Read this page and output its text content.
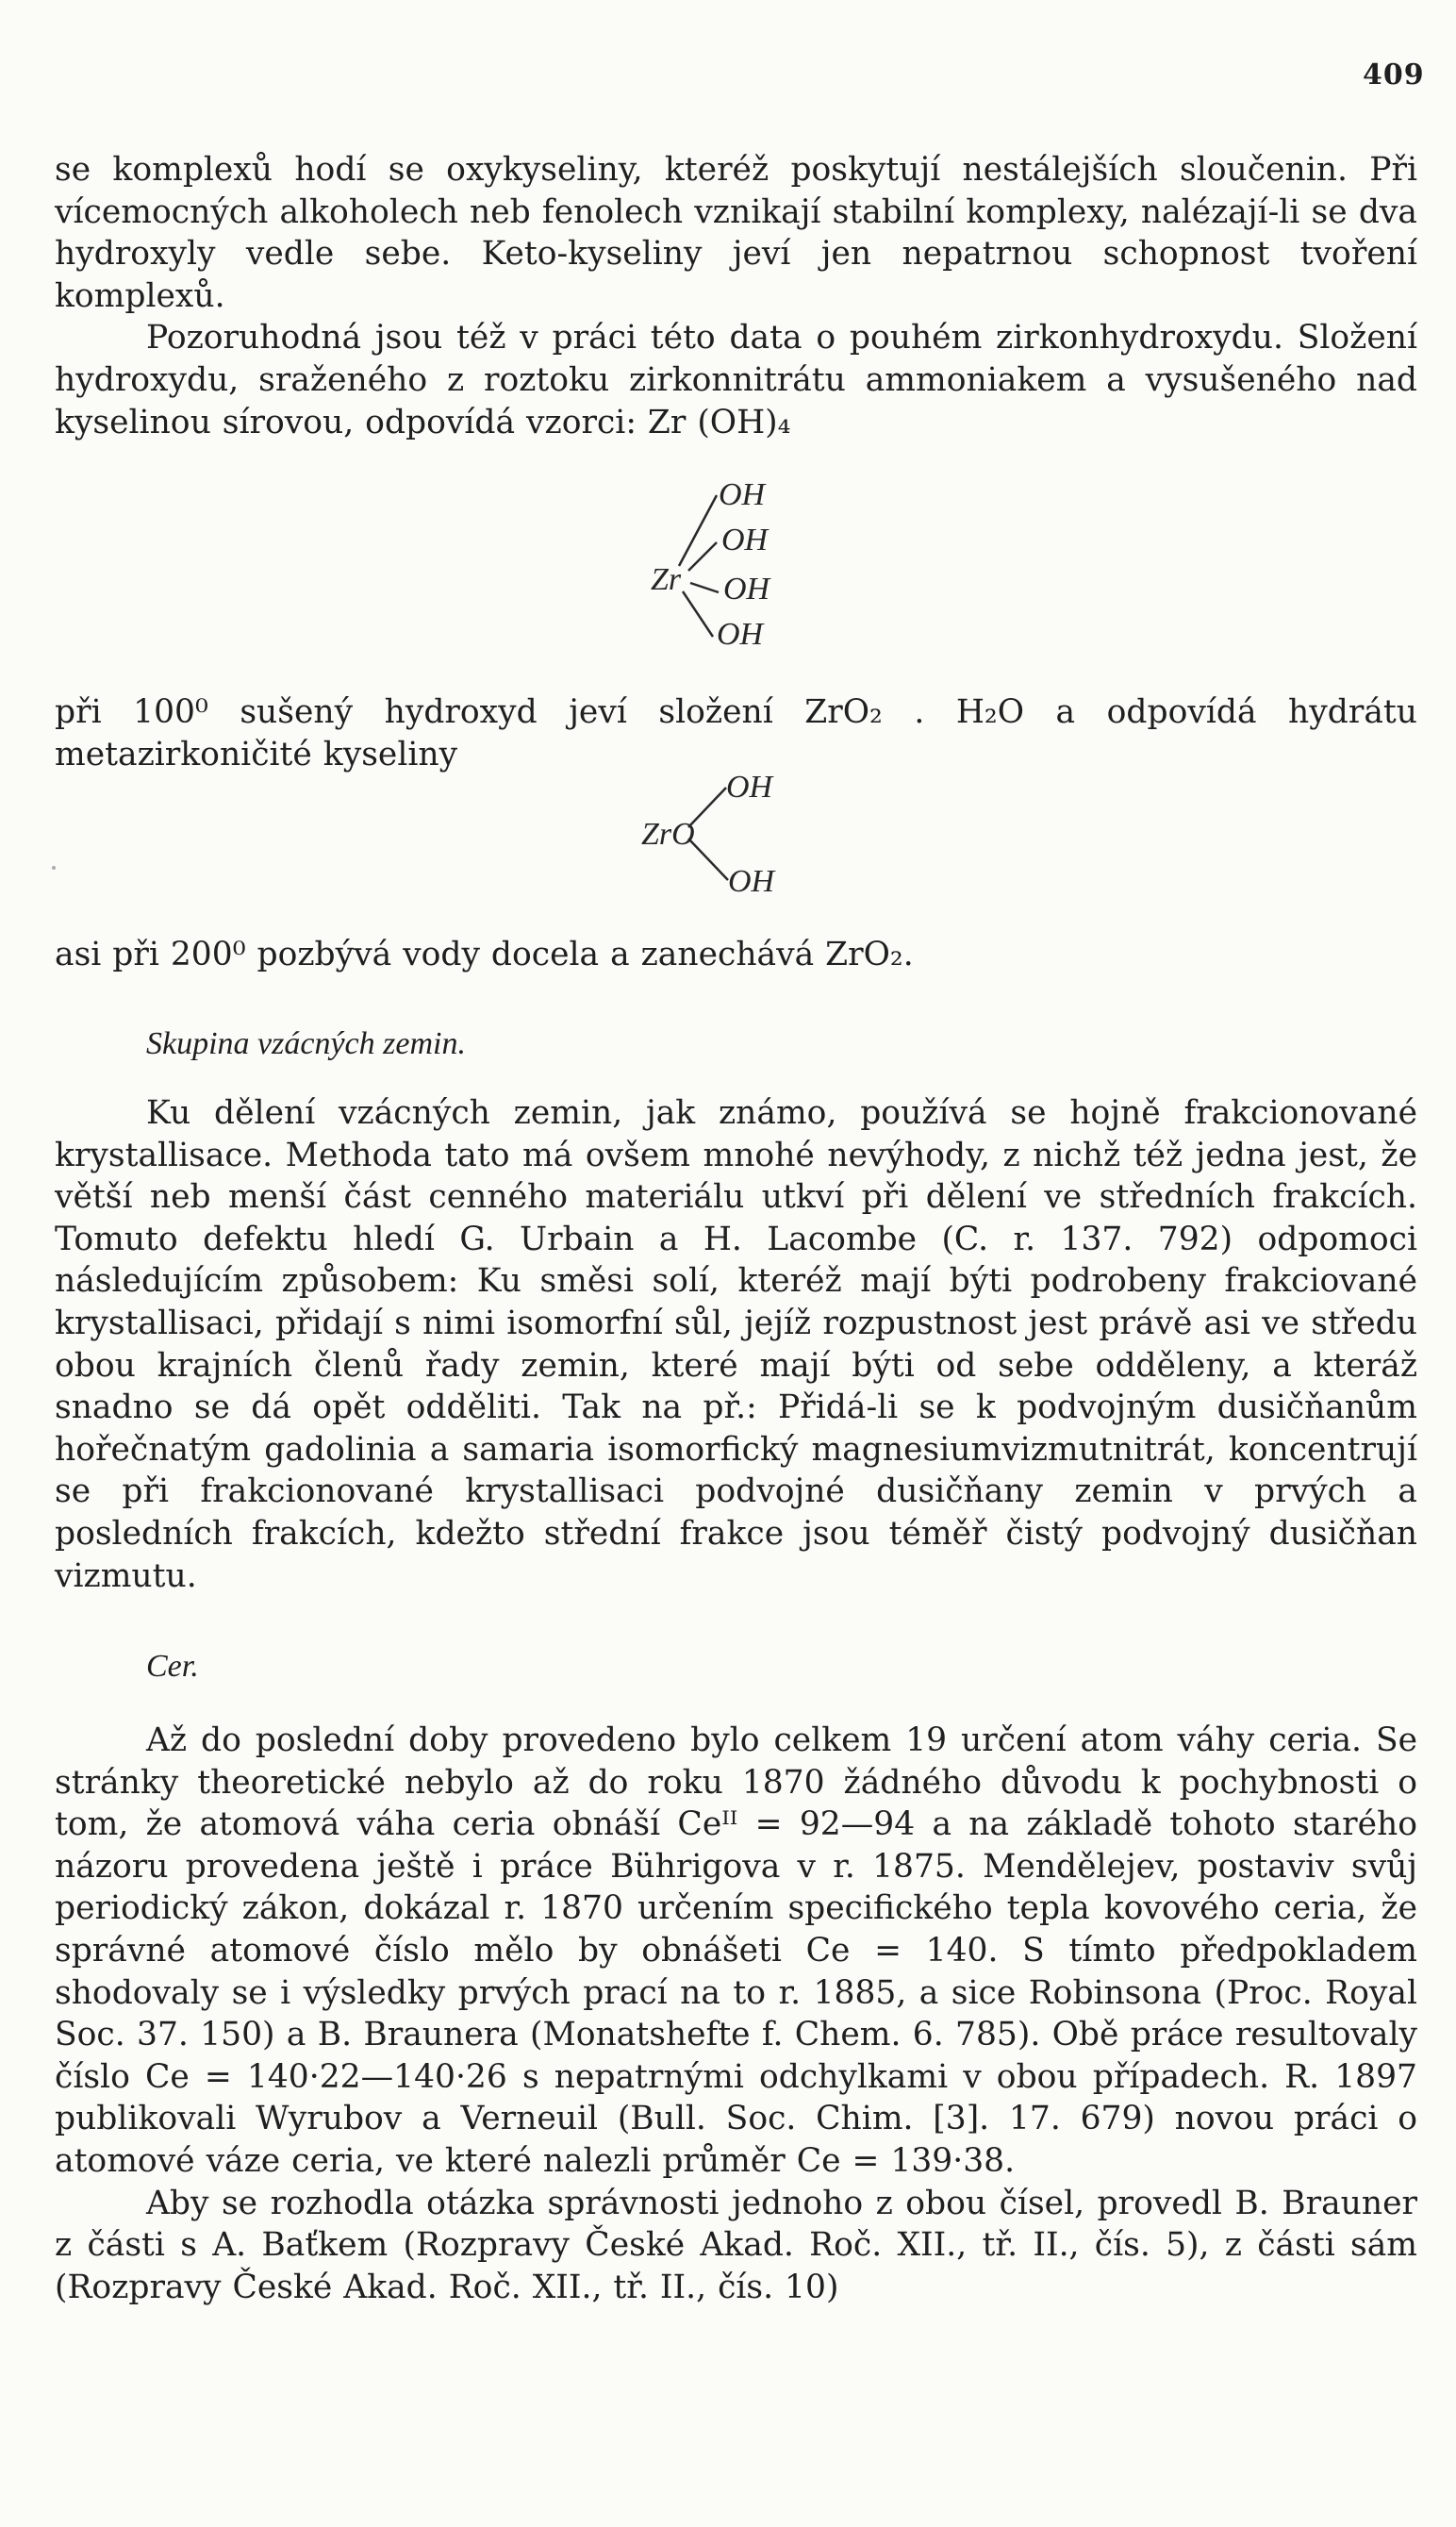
409

se komplexů hodí se oxykyseliny, kteréž poskytují nestálejších sloučenin. Při vícemocných alkoholech neb fenolech vznikají stabilní komplexy, nalézají-li se dva hydroxyly vedle sebe. Keto-kyseliny jeví jen nepatrnou schopnost tvoření komplexů.

Pozoruhodná jsou též v práci této data o pouhém zirkonhydroxydu. Složení hydroxydu, sraženého z roztoku zirkonnitrátu ammoniakem a vysušeného nad kyselinou sírovou, odpovídá vzorci: Zr (OH)₄

Zr
OH
OH
OH
OH

při 100⁰ sušený hydroxyd jeví složení ZrO₂ . H₂O a odpovídá hydrátu metazirkoničité kyseliny

ZrO
OH
OH

asi při 200⁰ pozbývá vody docela a zanechává ZrO₂.

Skupina vzácných zemin.

Ku dělení vzácných zemin, jak známo, používá se hojně frakcionované krystallisace. Methoda tato má ovšem mnohé nevýhody, z nichž též jedna jest, že větší neb menší část cenného materiálu utkví při dělení ve středních frakcích. Tomuto defektu hledí G. Urbain a H. Lacombe (C. r. 137. 792) odpomoci následujícím způsobem: Ku směsi solí, kteréž mají býti podrobeny frakciované krystallisaci, přidají s nimi isomorfní sůl, jejíž rozpustnost jest právě asi ve středu obou krajních členů řady zemin, které mají býti od sebe odděleny, a kteráž snadno se dá opět odděliti. Tak na př.: Přidá-li se k podvojným dusičňanům hořečnatým gadolinia a samaria isomorfický magnesiumvizmutnitrát, koncentrují se při frakcionované krystallisaci podvojné dusičňany zemin v prvých a posledních frakcích, kdežto střední frakce jsou téměř čistý podvojný dusičňan vizmutu.

Cer.

Až do poslední doby provedeno bylo celkem 19 určení atom váhy ceria. Se stránky theoretické nebylo až do roku 1870 žádného důvodu k pochybnosti o tom, že atomová váha ceria obnáší Ceᴵᴵ = 92—94 a na základě tohoto starého názoru provedena ještě i práce Bührigova v r. 1875. Mendělejev, postaviv svůj periodický zákon, dokázal r. 1870 určením specifického tepla kovového ceria, že správné atomové číslo mělo by obnášeti Ce = 140. S tímto předpokladem shodovaly se i výsledky prvých prací na to r. 1885, a sice Robinsona (Proc. Royal Soc. 37. 150) a B. Braunera (Monatshefte f. Chem. 6. 785). Obě práce resultovaly číslo Ce = 140·22—140·26 s nepatrnými odchylkami v obou případech. R. 1897 publikovali Wyrubov a Verneuil (Bull. Soc. Chim. [3]. 17. 679) novou práci o atomové váze ceria, ve které nalezli průměr Ce = 139·38.

Aby se rozhodla otázka správnosti jednoho z obou čísel, provedl B. Brauner z části s A. Baťkem (Rozpravy České Akad. Roč. XII., tř. II., čís. 5), z části sám (Rozpravy České Akad. Roč. XII., tř. II., čís. 10)
